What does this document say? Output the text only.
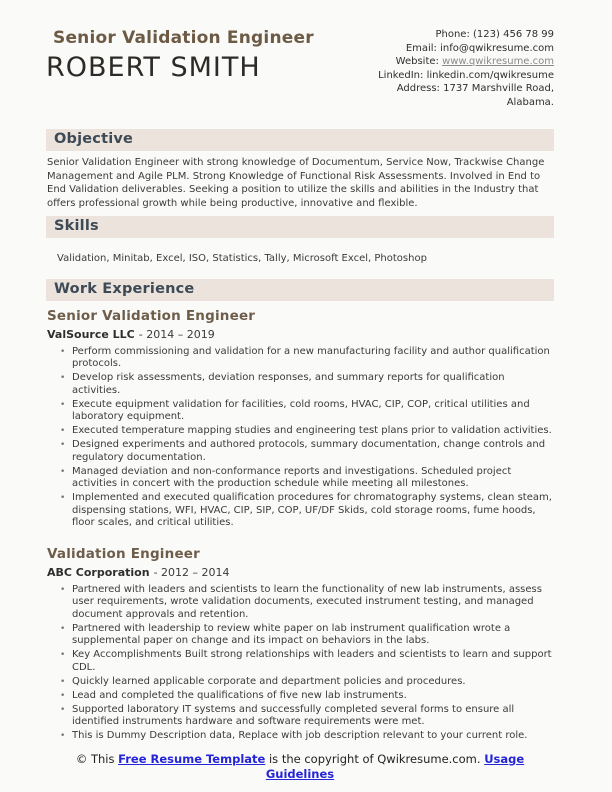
Senior Validation Engineer
ROBERT SMITH

Phone: (123) 456 78 99

Email: info@qwikresume.com

Website: www.qwikresume.com

LinkedIn: linkedin.com/qwikresume

Address: 1737 Marshville Road, Alabama.

Objective

Senior Validation Engineer with strong knowledge of Documentum, Service Now, Trackwise Change Management and Agile PLM. Strong Knowledge of Functional Risk Assessments. Involved in End to End Validation deliverables. Seeking a position to utilize the skills and abilities in the Industry that offers professional growth while being productive, innovative and flexible.

Skills

Validation, Minitab, Excel, ISO, Statistics, Tally, Microsoft Excel, Photoshop

Work Experience
Senior Validation Engineer

ValSource LLC - 2014 – 2019

• Perform commissioning and validation for a new manufacturing facility and author qualification protocols.
• Develop risk assessments, deviation responses, and summary reports for qualification activities.
• Execute equipment validation for facilities, cold rooms, HVAC, CIP, COP, critical utilities and laboratory equipment.
• Executed temperature mapping studies and engineering test plans prior to validation activities.
• Designed experiments and authored protocols, summary documentation, change controls and regulatory documentation.
• Managed deviation and non-conformance reports and investigations. Scheduled project activities in concert with the production schedule while meeting all milestones.
• Implemented and executed qualification procedures for chromatography systems, clean steam, dispensing stations, WFI, HVAC, CIP, SIP, COP, UF/DF Skids, cold storage rooms, fume hoods, floor scales, and critical utilities.
Validation Engineer

ABC Corporation - 2012 – 2014

• Partnered with leaders and scientists to learn the functionality of new lab instruments, assess user requirements, wrote validation documents, executed instrument testing, and managed document approvals and retention.
• Partnered with leadership to review white paper on lab instrument qualification wrote a supplemental paper on change and its impact on behaviors in the labs.
• Key Accomplishments Built strong relationships with leaders and scientists to learn and support CDL.
• Quickly learned applicable corporate and department policies and procedures.
• Lead and completed the qualifications of five new lab instruments.
• Supported laboratory IT systems and successfully completed several forms to ensure all identified instruments hardware and software requirements were met.
• This is Dummy Description data, Replace with job description relevant to your current role.
© This Free Resume Template is the copyright of Qwikresume.com. Usage Guidelines
